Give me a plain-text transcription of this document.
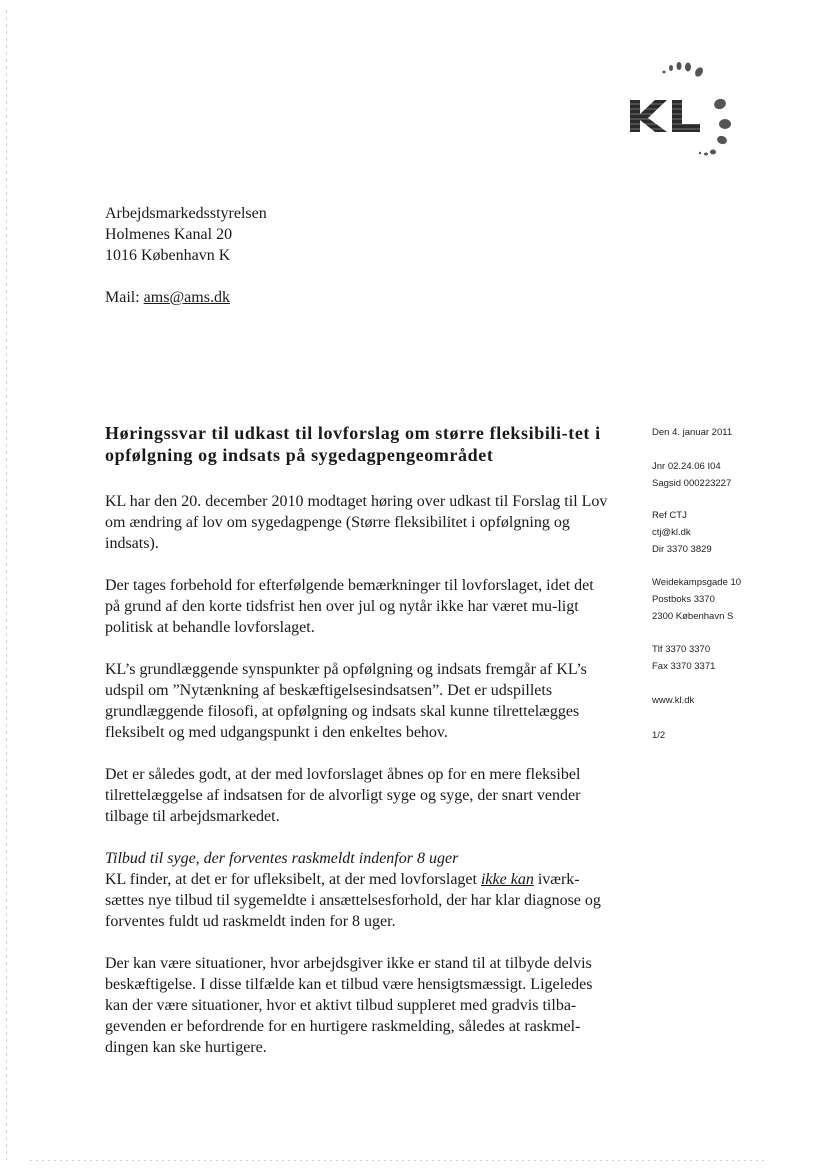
Arbejdsmarkedsstyrelsen
Holmenes Kanal 20
1016 København K
Mail: ams@ams.dk
Høringssvar til udkast til lovforslag om større fleksibili-tet i opfølgning og indsats på sygedagpengeområdet

KL har den 20. december 2010 modtaget høring over udkast til Forslag til Lov om ændring af lov om sygedagpenge (Større fleksibilitet i opfølgning og indsats).

Der tages forbehold for efterfølgende bemærkninger til lovforslaget, idet det på grund af den korte tidsfrist hen over jul og nytår ikke har været mu-ligt politisk at behandle lovforslaget.

KL’s grundlæggende synspunkter på opfølgning og indsats fremgår af KL’s udspil om ”Nytænkning af beskæftigelsesindsatsen”. Det er udspillets grundlæggende filosofi, at opfølgning og indsats skal kunne tilrettelægges fleksibelt og med udgangspunkt i den enkeltes behov.

Det er således godt, at der med lovforslaget åbnes op for en mere fleksibel tilrettelæggelse af indsatsen for de alvorligt syge og syge, der snart vender tilbage til arbejdsmarkedet.

Tilbud til syge, der forventes raskmeldt indenfor 8 uger

KL finder, at det er for ufleksibelt, at der med lovforslaget ikke kan iværk-sættes nye tilbud til sygemeldte i ansættelsesforhold, der har klar diagnose og forventes fuldt ud raskmeldt inden for 8 uger.

Der kan være situationer, hvor arbejdsgiver ikke er stand til at tilbyde delvis beskæftigelse. I disse tilfælde kan et tilbud være hensigtsmæssigt. Ligeledes kan der være situationer, hvor et aktivt tilbud suppleret med gradvis tilba-gevenden er befordrende for en hurtigere raskmelding, således at raskmel-dingen kan ske hurtigere.

Den 4. januar 2011
Jnr 02.24.06 I04
Sagsid 000223227
Ref CTJ
ctj@kl.dk
Dir 3370 3829
Weidekampsgade 10
Postboks 3370
2300 København S
Tlf 3370 3370
Fax 3370 3371
www.kl.dk
1/2
